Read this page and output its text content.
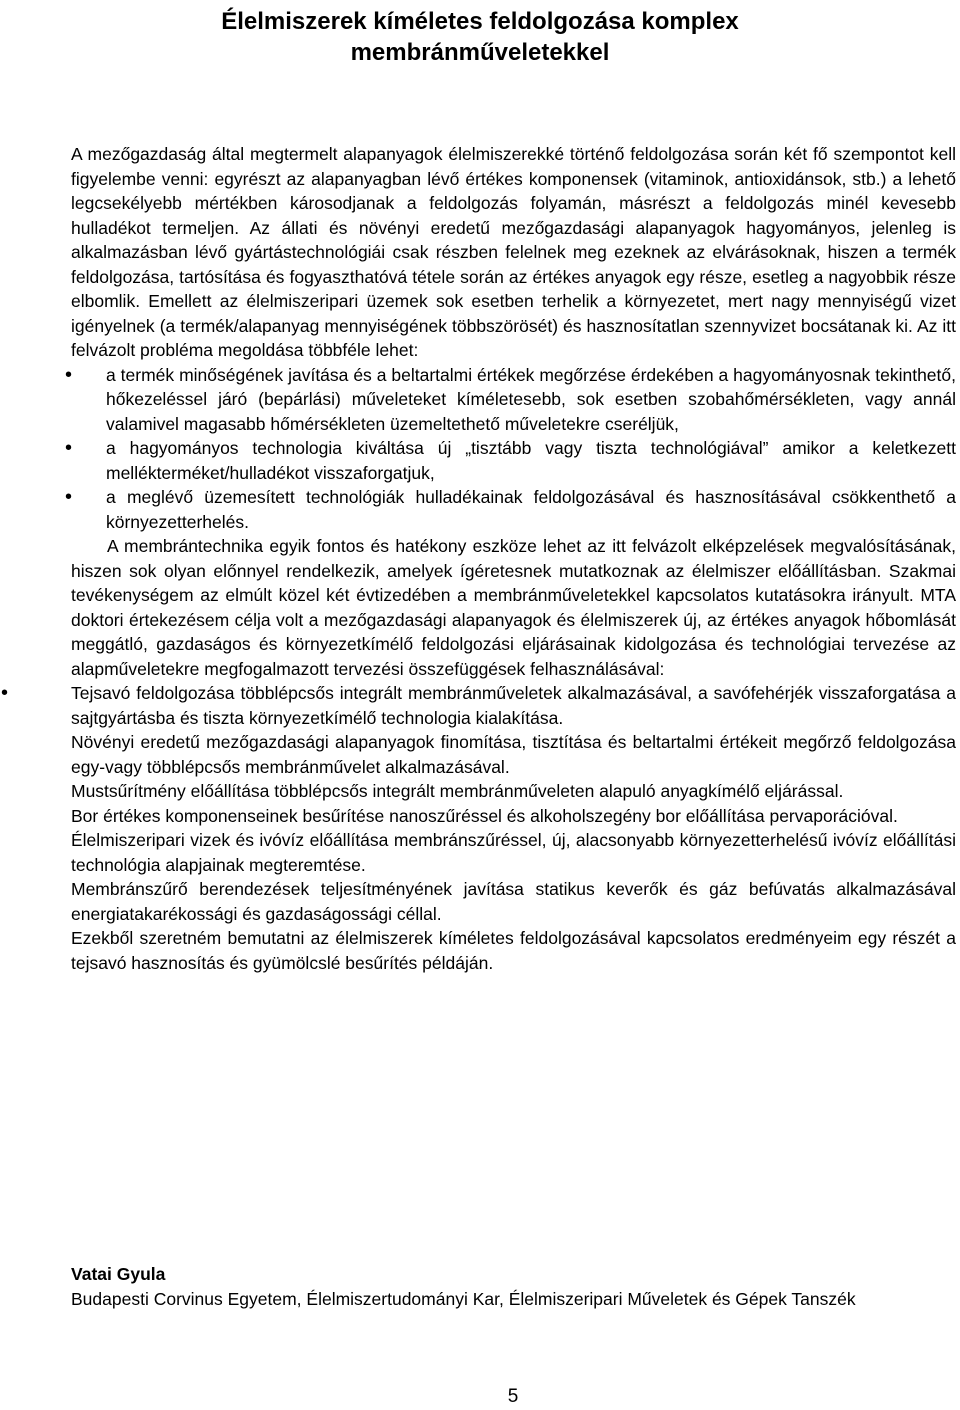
Élelmiszerek kíméletes feldolgozása komplex membránműveletekkel

A mezőgazdaság által megtermelt alapanyagok élelmiszerekké történő feldolgozása során két fő szempontot kell figyelembe venni: egyrészt az alapanyagban lévő értékes komponensek (vitaminok, antioxidánsok, stb.) a lehető legcsekélyebb mértékben károsodjanak a feldolgozás folyamán, másrészt a feldolgozás minél kevesebb hulladékot termeljen. Az állati és növényi eredetű mezőgazdasági alapanyagok hagyományos, jelenleg is alkalmazásban lévő gyártástechnológiái csak részben felelnek meg ezeknek az elvárásoknak, hiszen a termék feldolgozása, tartósítása és fogyaszthatóvá tétele során az értékes anyagok egy része, esetleg a nagyobbik része elbomlik. Emellett az élelmiszeripari üzemek sok esetben terhelik a környezetet, mert nagy mennyiségű vizet igényelnek (a termék/alapanyag mennyiségének többszörösét) és hasznosítatlan szennyvizet bocsátanak ki. Az itt felvázolt probléma megoldása többféle lehet:

• a termék minőségének javítása és a beltartalmi értékek megőrzése érdekében a hagyományosnak tekinthető, hőkezeléssel járó (bepárlási) műveleteket kíméletesebb, sok esetben szobahőmérsékleten, vagy annál valamivel magasabb hőmérsékleten üzemeltethető műveletekre cseréljük,
• a hagyományos technologia kiváltása új „tisztább vagy tiszta technológiával” amikor a keletkezett mellékterméket/hulladékot visszaforgatjuk,
• a meglévő üzemesített technológiák hulladékainak feldolgozásával és hasznosításával csökkenthető a környezetterhelés.

A membrántechnika egyik fontos és hatékony eszköze lehet az itt felvázolt elképzelések megvalósításának, hiszen sok olyan előnnyel rendelkezik, amelyek ígéretesnek mutatkoznak az élelmiszer előállításban. Szakmai tevékenységem az elmúlt közel két évtizedében a membránműveletekkel kapcsolatos kutatásokra irányult. MTA doktori értekezésem célja volt a mezőgazdasági alapanyagok és élelmiszerek új, az értékes anyagok hőbomlását meggátló, gazdaságos és környezetkímélő feldolgozási eljárásainak kidolgozása és technológiai tervezése az alapműveletekre megfogalmazott tervezési összefüggések felhasználásával:

•	Tejsavó feldolgozása többlépcsős integrált membránműveletek alkalmazásával, a savófehérjék visszaforgatása a sajtgyártásba és tiszta környezetkímélő technologia kialakítása.

Növényi eredetű mezőgazdasági alapanyagok finomítása, tisztítása és beltartalmi értékeit megőrző feldolgozása egy-vagy többlépcsős membránművelet alkalmazásával.

Mustsűrítmény előállítása többlépcsős integrált membránműveleten alapuló anyagkímélő eljárással.

Bor értékes komponenseinek besűrítése nanoszűréssel és alkoholszegény bor előállítása pervaporációval.

Élelmiszeripari vizek és ivóvíz előállítása membránszűréssel, új, alacsonyabb környezetterhelésű ivóvíz előállítási technológia alapjainak megteremtése.

Membránszűrő berendezések teljesítményének javítása statikus keverők és gáz befúvatás alkalmazásával energiatakarékossági és gazdaságossági céllal.

Ezekből szeretném bemutatni az élelmiszerek kíméletes feldolgozásával kapcsolatos eredményeim egy részét a tejsavó hasznosítás és gyümölcslé besűrítés példáján.

Vatai Gyula
Budapesti Corvinus Egyetem, Élelmiszertudományi Kar, Élelmiszeripari Műveletek és Gépek Tanszék
5
